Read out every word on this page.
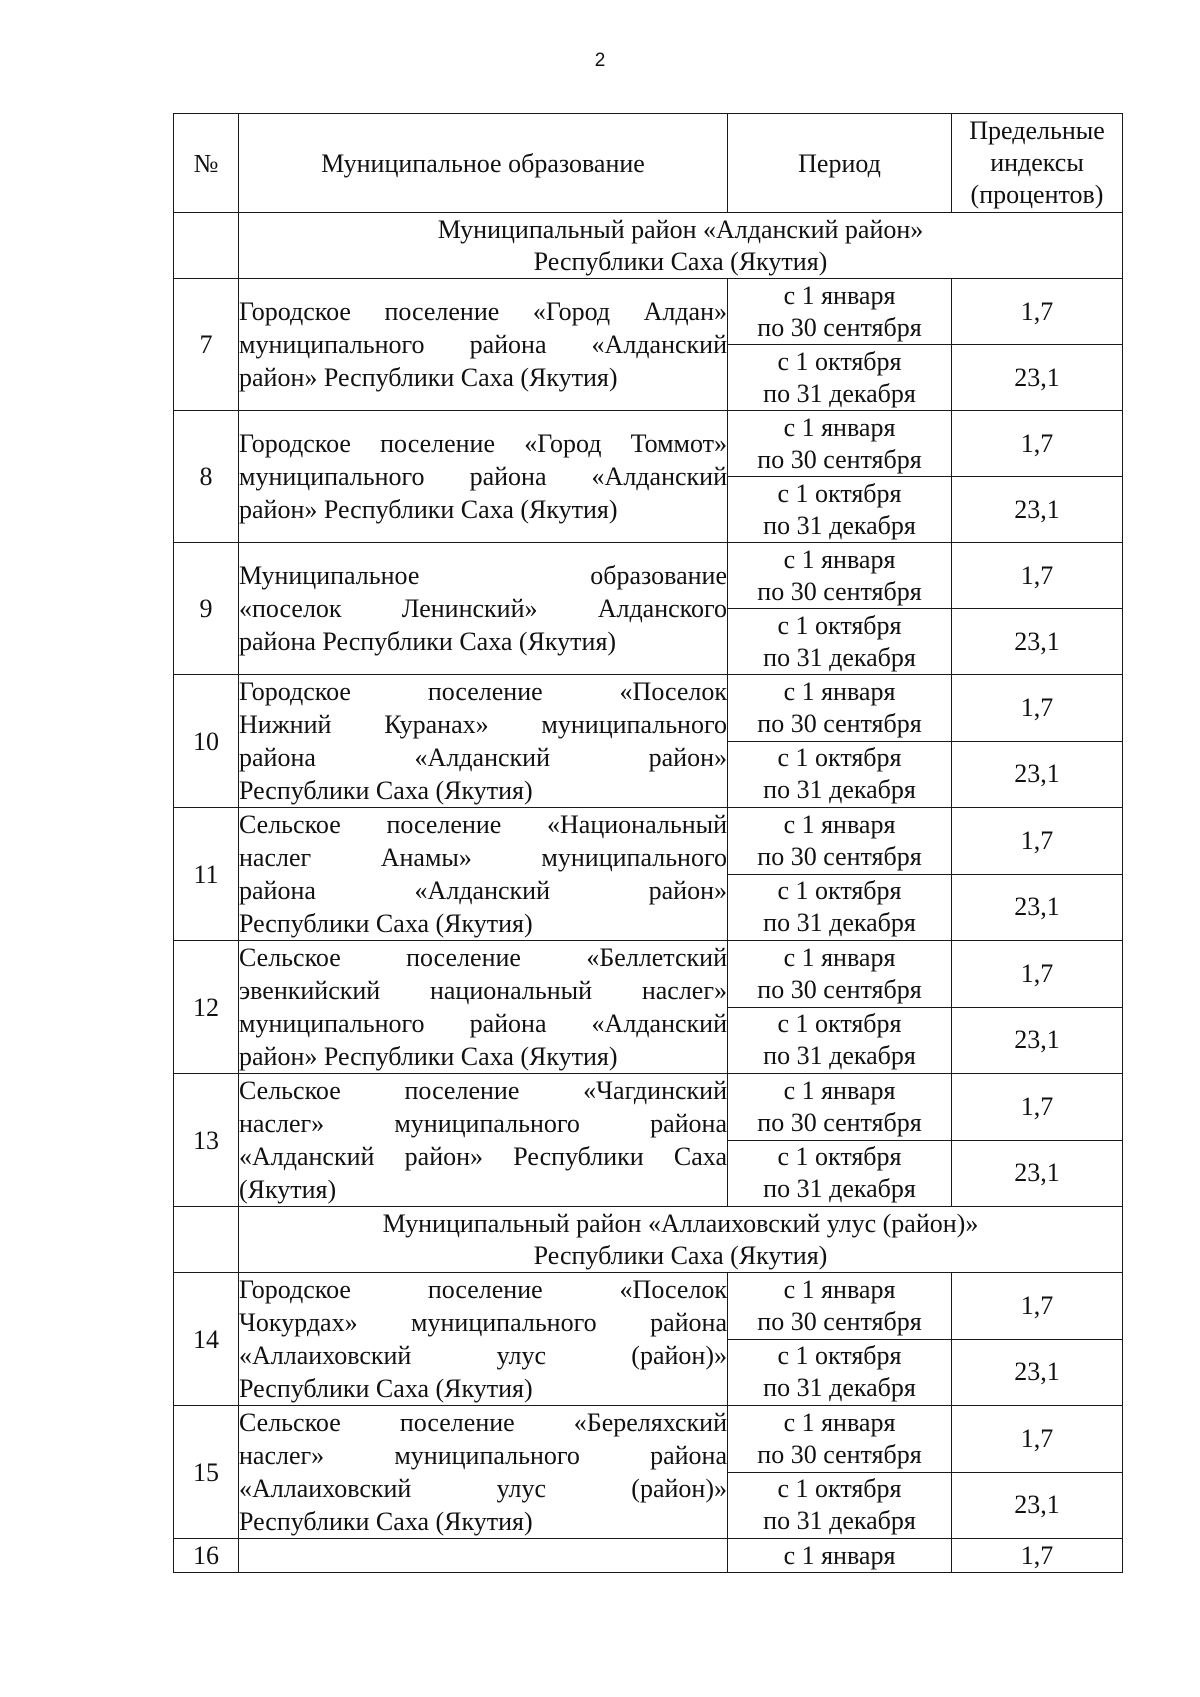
2
№	Муниципальное образование	Период	Предельные
индексы
(процентов)

	Муниципальный район «Алданский район»
Республики Саха (Якутия)		

7	Городское поселение «Город Алдан»
муниципального района «Алданский
район» Республики Саха (Якутия)	с 1 января
по 30 сентября	1,7

		с 1 октября
по 31 декабря	23,1
8	Городское поселение «Город Томмот»
муниципального района «Алданский
район» Республики Саха (Якутия)	с 1 января
по 30 сентября	1,7

		с 1 октября
по 31 декабря	23,1
9	Муниципальное образование
«поселок Ленинский» Алданского
района Республики Саха (Якутия)	с 1 января
по 30 сентября	1,7

		с 1 октября
по 31 декабря	23,1
10	Городское поселение «Поселок
Нижний Куранах» муниципального
района «Алданский район»
Республики Саха (Якутия)	с 1 января
по 30 сентября	1,7

		с 1 октября
по 31 декабря	23,1
11	Сельское поселение «Национальный
наслег Анамы» муниципального
района «Алданский район»
Республики Саха (Якутия)	с 1 января
по 30 сентября	1,7

		с 1 октября
по 31 декабря	23,1
12	Сельское поселение «Беллетский
эвенкийский национальный наслег»
муниципального района «Алданский
район» Республики Саха (Якутия)	с 1 января
по 30 сентября	1,7

		с 1 октября
по 31 декабря	23,1
13	Сельское поселение «Чагдинский
наслег» муниципального района
«Алданский район» Республики Саха
(Якутия)	с 1 января
по 30 сентября	1,7

		с 1 октября
по 31 декабря	23,1

	Муниципальный район «Аллаиховский улус (район)»
Республики Саха (Якутия)		

14	Городское поселение «Поселок
Чокурдах» муниципального района
«Аллаиховский улус (район)»
Республики Саха (Якутия)	с 1 января
по 30 сентября	1,7

		с 1 октября
по 31 декабря	23,1
15	Сельское поселение «Береляхский
наслег» муниципального района
«Аллаиховский улус (район)»
Республики Саха (Якутия)	с 1 января
по 30 сентября	1,7

		с 1 октября
по 31 декабря	23,1
16		с 1 января	1,7
